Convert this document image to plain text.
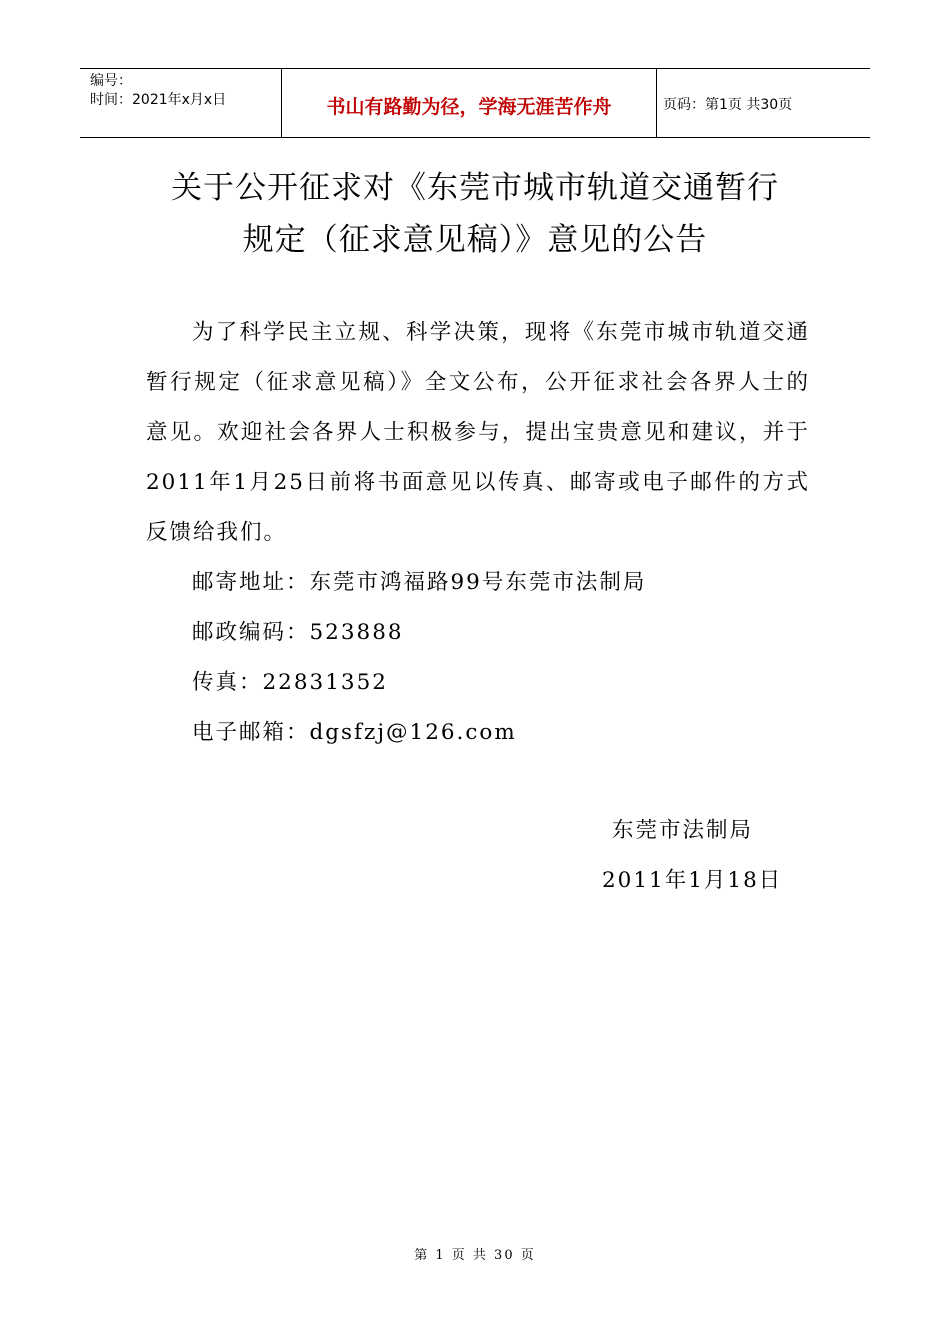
编号：
时间：2021年x月x日	书山有路勤为径，学海无涯苦作舟	页码：第1页 共30页
关于公开征求对《东莞市城市轨道交通暂行
规定（征求意见稿）》意见的公告
为了科学民主立规、科学决策，现将《东莞市城市轨道交通暂行规定（征求意见稿）》全文公布，公开征求社会各界人士的意见。欢迎社会各界人士积极参与，提出宝贵意见和建议，并于2011年1月25日前将书面意见以传真、邮寄或电子邮件的方式反馈给我们。
邮寄地址：东莞市鸿福路99号东莞市法制局
邮政编码：523888
传真：22831352
电子邮箱：dgsfzj@126.com
东莞市法制局
2011年1月18日
第 1 页 共 30 页
